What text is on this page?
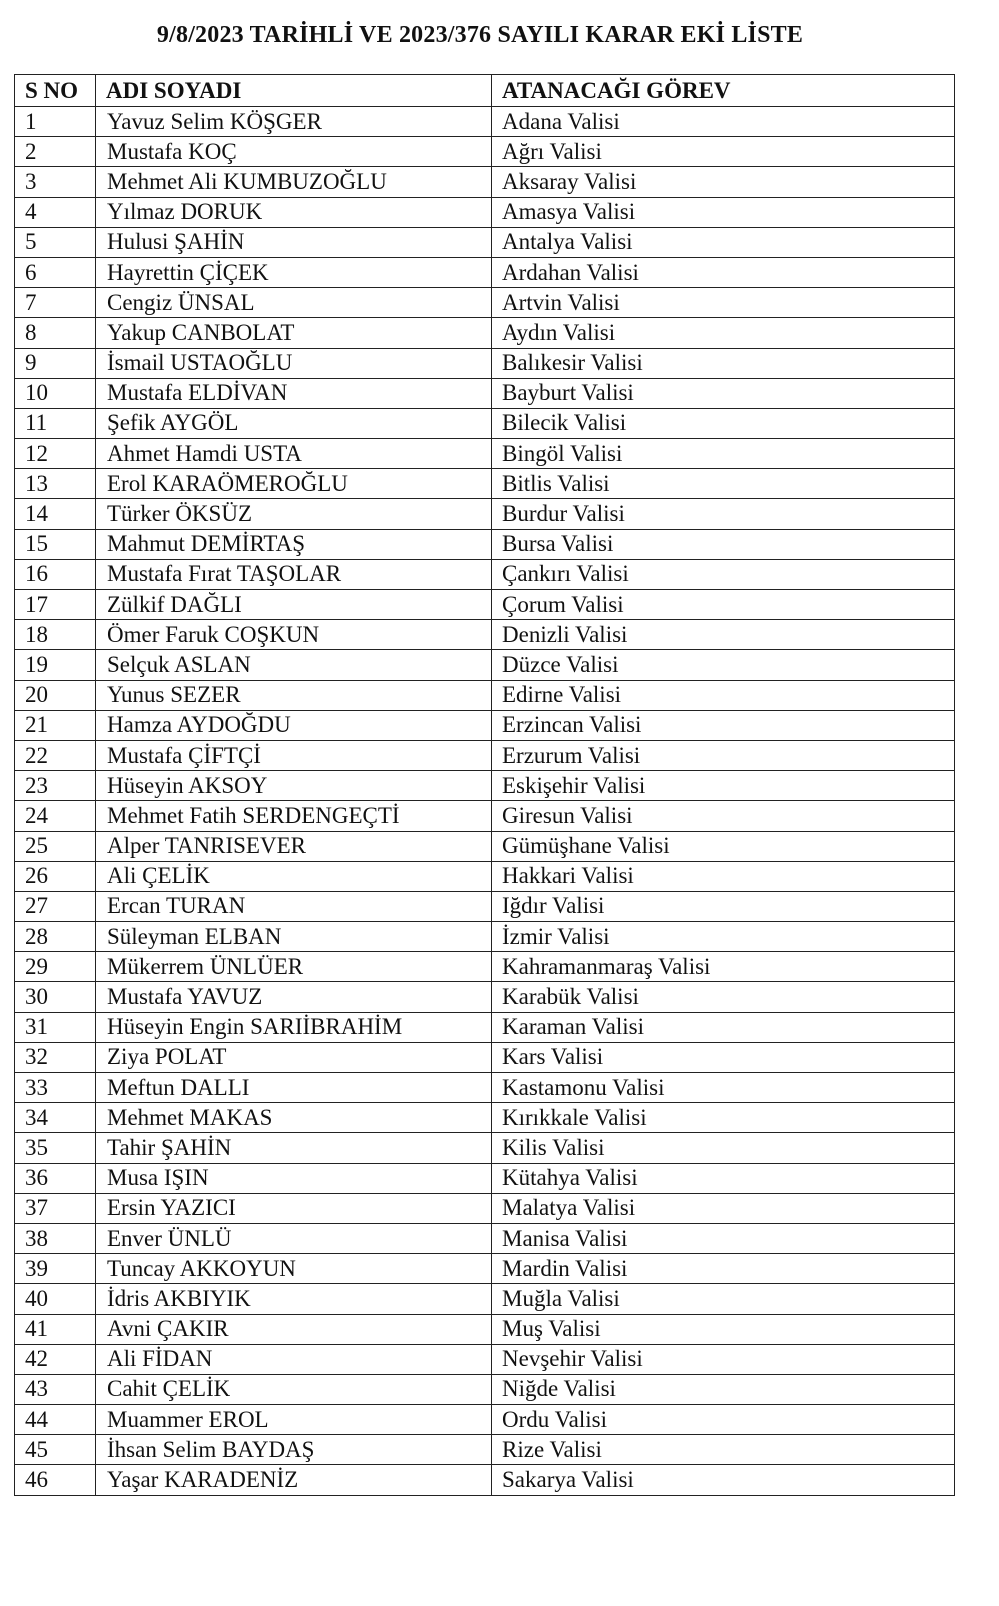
9/8/2023 TARİHLİ VE 2023/376 SAYILI KARAR EKİ LİSTE
S NO	ADI SOYADI	ATANACAĞI GÖREV
1	Yavuz Selim KÖŞGER	Adana Valisi
2	Mustafa KOÇ	Ağrı Valisi
3	Mehmet Ali KUMBUZOĞLU	Aksaray Valisi
4	Yılmaz DORUK	Amasya Valisi
5	Hulusi ŞAHİN	Antalya Valisi
6	Hayrettin ÇİÇEK	Ardahan Valisi
7	Cengiz ÜNSAL	Artvin Valisi
8	Yakup CANBOLAT	Aydın Valisi
9	İsmail USTAOĞLU	Balıkesir Valisi
10	Mustafa ELDİVAN	Bayburt Valisi
11	Şefik AYGÖL	Bilecik Valisi
12	Ahmet Hamdi USTA	Bingöl Valisi
13	Erol KARAÖMEROĞLU	Bitlis Valisi
14	Türker ÖKSÜZ	Burdur Valisi
15	Mahmut DEMİRTAŞ	Bursa Valisi
16	Mustafa Fırat TAŞOLAR	Çankırı Valisi
17	Zülkif DAĞLI	Çorum Valisi
18	Ömer Faruk COŞKUN	Denizli Valisi
19	Selçuk ASLAN	Düzce Valisi
20	Yunus SEZER	Edirne Valisi
21	Hamza AYDOĞDU	Erzincan Valisi
22	Mustafa ÇİFTÇİ	Erzurum Valisi
23	Hüseyin AKSOY	Eskişehir Valisi
24	Mehmet Fatih SERDENGEÇTİ	Giresun Valisi
25	Alper TANRISEVER	Gümüşhane Valisi
26	Ali ÇELİK	Hakkari Valisi
27	Ercan TURAN	Iğdır Valisi
28	Süleyman ELBAN	İzmir Valisi
29	Mükerrem ÜNLÜER	Kahramanmaraş Valisi
30	Mustafa YAVUZ	Karabük Valisi
31	Hüseyin Engin SARIİBRAHİM	Karaman Valisi
32	Ziya POLAT	Kars Valisi
33	Meftun DALLI	Kastamonu Valisi
34	Mehmet MAKAS	Kırıkkale Valisi
35	Tahir ŞAHİN	Kilis Valisi
36	Musa IŞIN	Kütahya Valisi
37	Ersin YAZICI	Malatya Valisi
38	Enver ÜNLÜ	Manisa Valisi
39	Tuncay AKKOYUN	Mardin Valisi
40	İdris AKBIYIK	Muğla Valisi
41	Avni ÇAKIR	Muş Valisi
42	Ali FİDAN	Nevşehir Valisi
43	Cahit ÇELİK	Niğde Valisi
44	Muammer EROL	Ordu Valisi
45	İhsan Selim BAYDAŞ	Rize Valisi
46	Yaşar KARADENİZ	Sakarya Valisi
